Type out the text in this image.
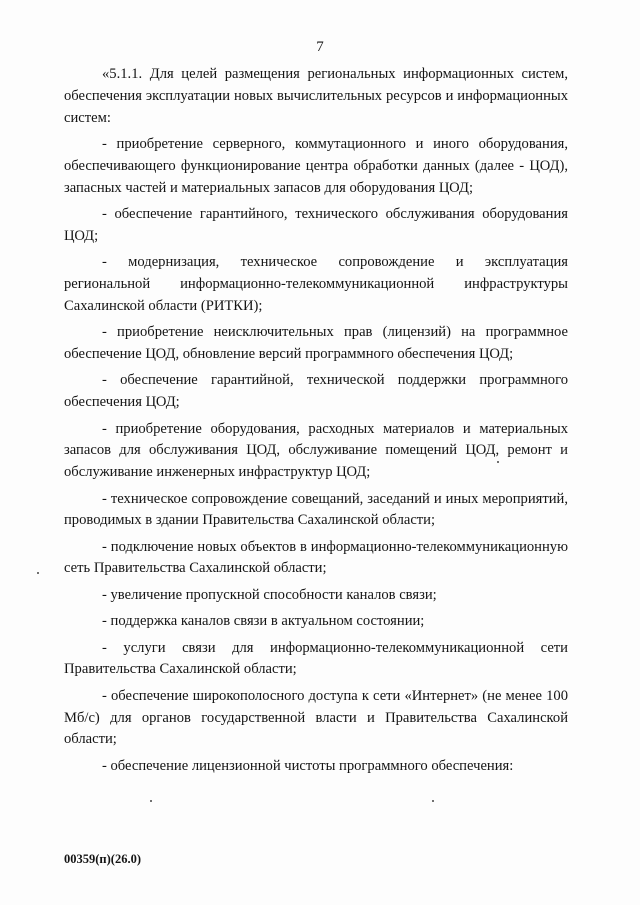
7

«5.1.1. Для целей размещения региональных информационных систем, обеспечения эксплуатации новых вычислительных ресурсов и информационных систем:

- приобретение серверного, коммутационного и иного оборудования, обеспечивающего функционирование центра обработки данных (далее - ЦОД), запасных частей и материальных запасов для оборудования ЦОД;

- обеспечение гарантийного, технического обслуживания оборудования ЦОД;

- модернизация, техническое сопровождение и эксплуатация региональной информационно-телекоммуникационной инфраструктуры Сахалинской области (РИТКИ);

- приобретение неисключительных прав (лицензий) на программное обеспечение ЦОД, обновление версий программного обеспечения ЦОД;

- обеспечение гарантийной, технической поддержки программного обеспечения ЦОД;

- приобретение оборудования, расходных материалов и материальных запасов для обслуживания ЦОД, обслуживание помещений ЦОД, ремонт и обслуживание инженерных инфраструктур ЦОД;

- техническое сопровождение совещаний, заседаний и иных мероприятий, проводимых в здании Правительства Сахалинской области;

- подключение новых объектов в информационно-телекоммуникационную сеть Правительства Сахалинской области;

- увеличение пропускной способности каналов связи;

- поддержка каналов связи в актуальном состоянии;

- услуги связи для информационно-телекоммуникационной сети Правительства Сахалинской области;

- обеспечение широкополосного доступа к сети «Интернет» (не менее 100 Мб/с) для органов государственной власти и Правительства Сахалинской области;

- обеспечение лицензионной чистоты программного обеспечения:

00359(п)(26.0)
